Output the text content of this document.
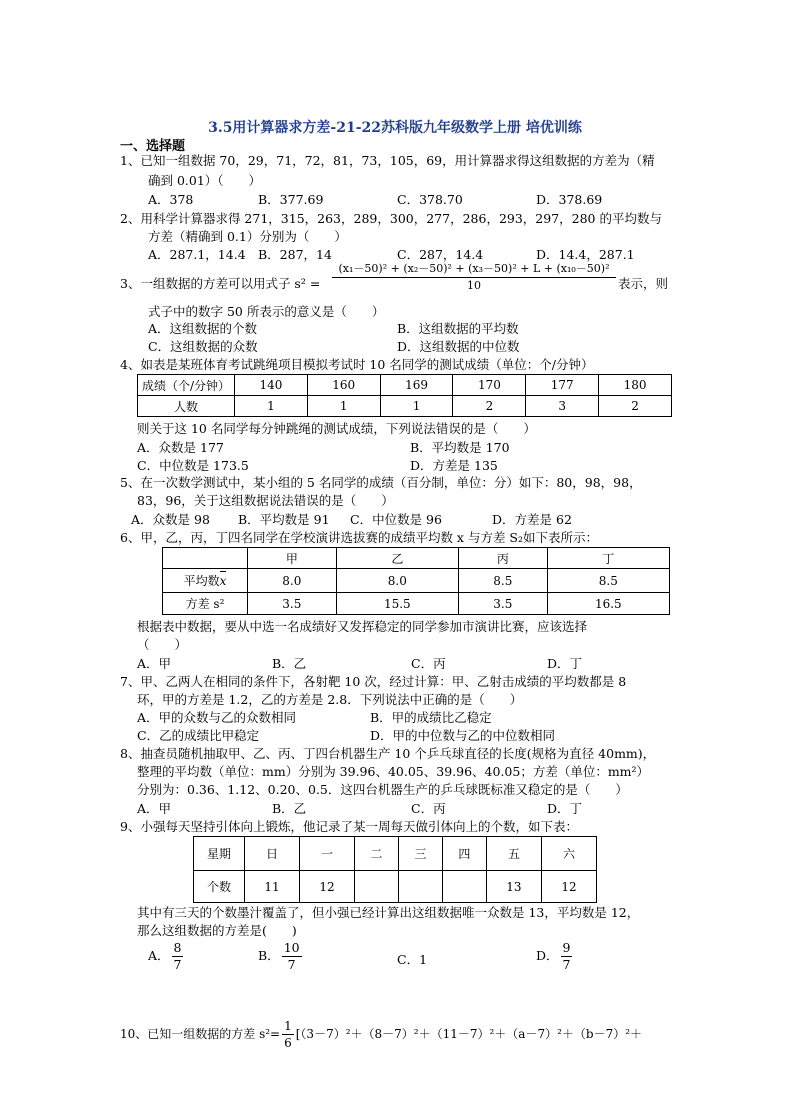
3.5用计算器求方差-21-22苏科版九年级数学上册 培优训练
一、选择题
1、已知一组数据 70，29，71，72，81，73，105，69，用计算器求得这组数据的方差为（精
确到 0.01）（　　）
A．378	B．377.69	C．378.70	D．378.69
2、用科学计算器求得 271，315，263，289，300，277，286，293，297，280 的平均数与
方差（精确到 0.1）分别为（　　）
A．287.1，14.4 B．287，14	C．287，14.4	D．14.4，287.1
3、一组数据的方差可以用式子 $s^2 = \frac{\text{(x₁－50)² + (x₂－50)² + (x₃－50)² + L + (x₁₀－50)²}}{10}$ 表示，则
式子中的数字 50 所表示的意义是（　　）
A．这组数据的个数	B．这组数据的平均数
C．这组数据的众数	D．这组数据的中位数
4、如表是某班体育考试跳绳项目模拟考试时 10 名同学的测试成绩（单位：个/分钟）
成绩（个/分钟）	140	160	169	170	177	180
人数	1	1	1	2	3	2
则关于这 10 名同学每分钟跳绳的测试成绩，下列说法错误的是（　　）
A．众数是 177	B．平均数是 170
C．中位数是 173.5	D．方差是 135
5、在一次数学测试中，某小组的 5 名同学的成绩（百分制，单位：分）如下：80，98，98，
83，96，关于这组数据说法错误的是（　　）
A．众数是 98 B．平均数是 91 C．中位数是 96	D．方差是 62
6、甲，乙，丙，丁四名同学在学校演讲选拔赛的成绩平均数 x 与方差 S₂如下表所示：
	甲	乙	丙	丁
平均数x	8.0	8.0	8.5	8.5
方差 s²	3.5	15.5	3.5	16.5
根据表中数据，要从中选一名成绩好又发挥稳定的同学参加市演讲比赛，应该选择
（　　）
A．甲	B．乙	C．丙	D．丁
7、甲、乙两人在相同的条件下，各射靶 10 次，经过计算：甲、乙射击成绩的平均数都是 8
环，甲的方差是 1.2，乙的方差是 2.8．下列说法中正确的是（　　）
A．甲的众数与乙的众数相同	B．甲的成绩比乙稳定
C．乙的成绩比甲稳定	D．甲的中位数与乙的中位数相同
8、抽查员随机抽取甲、乙、丙、丁四台机器生产 10 个乒乓球直径的长度(规格为直径 40mm)，
整理的平均数（单位：mm）分别为 39.96、40.05、39.96、40.05；方差（单位：mm²）
分别为：0.36、1.12、0.20、0.5．这四台机器生产的乒乓球既标准又稳定的是（　　）
A．甲	B．乙	C．丙	D．丁
9、小强每天坚持引体向上锻炼，他记录了某一周每天做引体向上的个数，如下表：
星期	日	一	二	三	四	五	六
个数	11	12				13	12
其中有三天的个数墨汁覆盖了，但小强已经计算出这组数据唯一众数是 13，平均数是 12，
那么这组数据的方差是(　　)
A． $\frac{8}{7}$	B． $\frac{10}{7}$	C．1	D． $\frac{9}{7}$
10、已知一组数据的方差 $s^2= \frac{1}{6} [(3-7)^2+(8-7)^2+(11-7)^2+(a-7)^2+(b-7)^2+$
